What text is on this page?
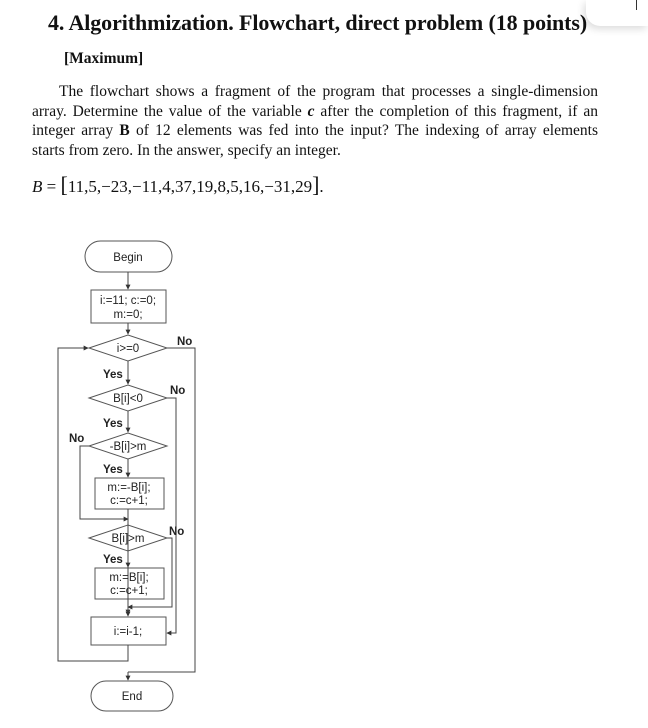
4. Algorithmization. Flowchart, direct problem (18 points)
[Maximum]

The flowchart shows a fragment of the program that processes a single-dimension array. Determine the value of the variable c after the completion of this fragment, if an integer array B of 12 elements was fed into the input? The indexing of array elements starts from zero. In the answer, specify an integer.

B = [11,5,−23,−11,4,37,19,8,5,16,−31,29].
Begin
i:=11; c:=0;
m:=0;
i>=0
B[i]<0
-B[i]>m
m:=-B[i];
c:=c+1;
B[i]>m
m:=B[i];
c:=c+1;
i:=i-1;
End
No
Yes
No
Yes
No
Yes
No
Yes
